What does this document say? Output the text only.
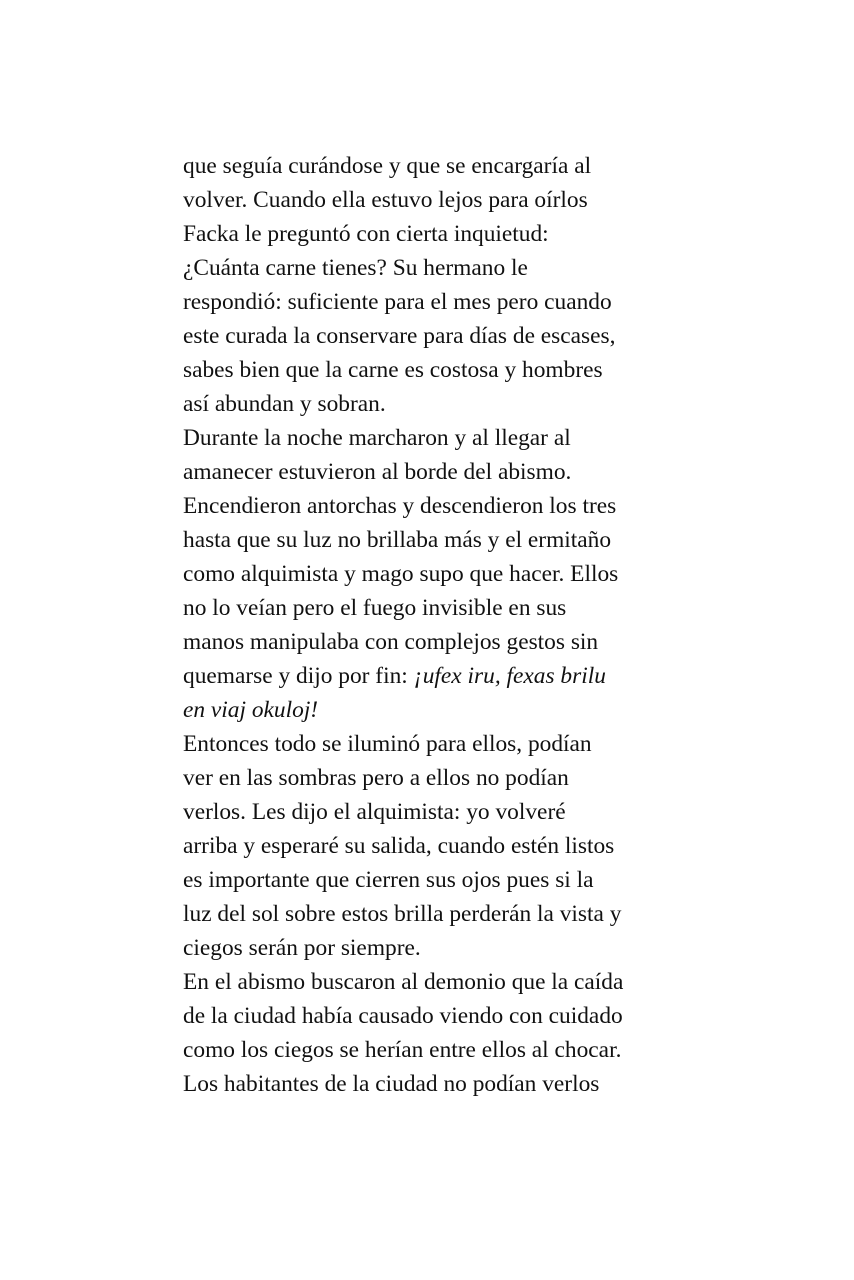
que seguía curándose y que se encargaría al
volver. Cuando ella estuvo lejos para oírlos
Facka le preguntó con cierta inquietud:
¿Cuánta carne tienes? Su hermano le
respondió: suficiente para el mes pero cuando
este curada la conservare para días de escases,
sabes bien que la carne es costosa y hombres
así abundan y sobran.
Durante la noche marcharon y al llegar al
amanecer estuvieron al borde del abismo.
Encendieron antorchas y descendieron los tres
hasta que su luz no brillaba más y el ermitaño
como alquimista y mago supo que hacer. Ellos
no lo veían pero el fuego invisible en sus
manos manipulaba con complejos gestos sin
quemarse y dijo por fin: ¡ufex iru, fexas brilu
en viaj okuloj!
Entonces todo se iluminó para ellos, podían
ver en las sombras pero a ellos no podían
verlos. Les dijo el alquimista: yo volveré
arriba y esperaré su salida, cuando estén listos
es importante que cierren sus ojos pues si la
luz del sol sobre estos brilla perderán la vista y
ciegos serán por siempre.
En el abismo buscaron al demonio que la caída
de la ciudad había causado viendo con cuidado
como los ciegos se herían entre ellos al chocar.
Los habitantes de la ciudad no podían verlos
